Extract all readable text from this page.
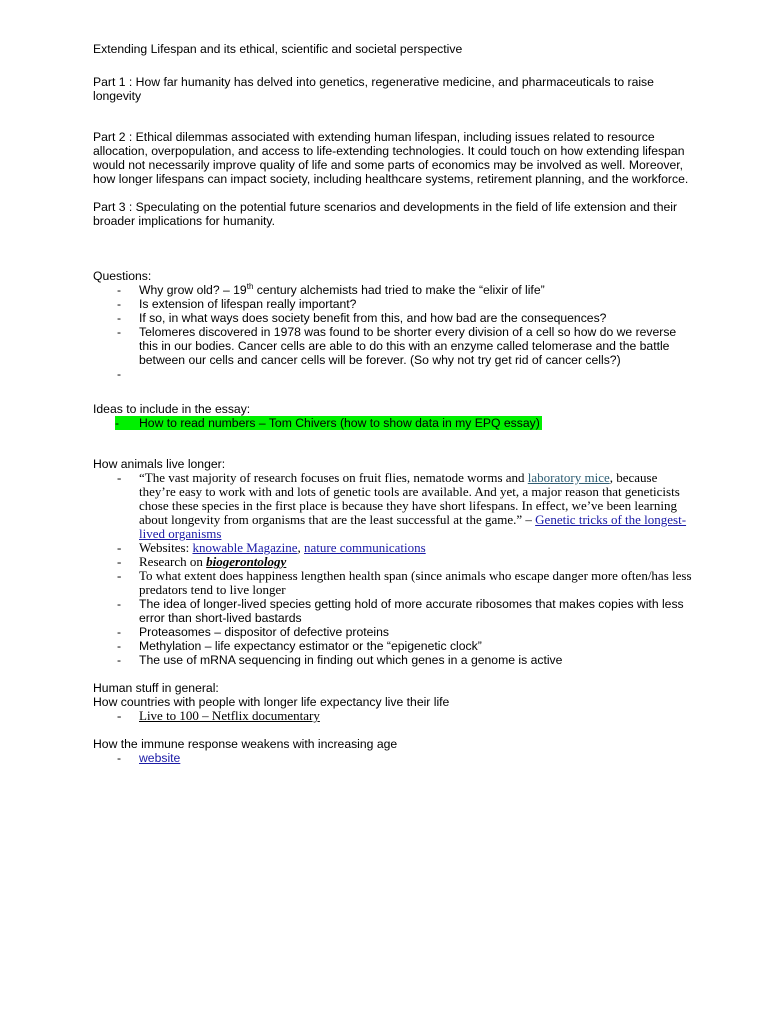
Extending Lifespan and its ethical, scientific and societal perspective

Part 1 : How far humanity has delved into genetics, regenerative medicine, and pharmaceuticals to raise longevity

Part 2 : Ethical dilemmas associated with extending human lifespan, including issues related to resource allocation, overpopulation, and access to life-extending technologies. It could touch on how extending lifespan would not necessarily improve quality of life and some parts of economics may be involved as well. Moreover, how longer lifespans can impact society, including healthcare systems, retirement planning, and the workforce.

Part 3 : Speculating on the potential future scenarios and developments in the field of life extension and their broader implications for humanity.

Questions:

- Why grow old? – 19th century alchemists had tried to make the “elixir of life”
- Is extension of lifespan really important?
- If so, in what ways does society benefit from this, and how bad are the consequences?
- Telomeres discovered in 1978 was found to be shorter every division of a cell so how do we reverse this in our bodies. Cancer cells are able to do this with an enzyme called telomerase and the battle between our cells and cancer cells will be forever. (So why not try get rid of cancer cells?)
-

Ideas to include in the essay:

- How to read numbers – Tom Chivers (how to show data in my EPQ essay)

How animals live longer:

- “The vast majority of research focuses on fruit flies, nematode worms and laboratory mice, because they’re easy to work with and lots of genetic tools are available. And yet, a major reason that geneticists chose these species in the first place is because they have short lifespans. In effect, we’ve been learning about longevity from organisms that are the least successful at the game.” – Genetic tricks of the longest-lived organisms
- Websites: knowable Magazine, nature communications
- Research on biogerontology
- To what extent does happiness lengthen health span (since animals who escape danger more often/has less predators tend to live longer
- The idea of longer-lived species getting hold of more accurate ribosomes that makes copies with less error than short-lived bastards
- Proteasomes – dispositor of defective proteins
- Methylation – life expectancy estimator or the “epigenetic clock”
- The use of mRNA sequencing in finding out which genes in a genome is active

Human stuff in general:

How countries with people with longer life expectancy live their life

- Live to 100 – Netflix documentary

How the immune response weakens with increasing age

- website
